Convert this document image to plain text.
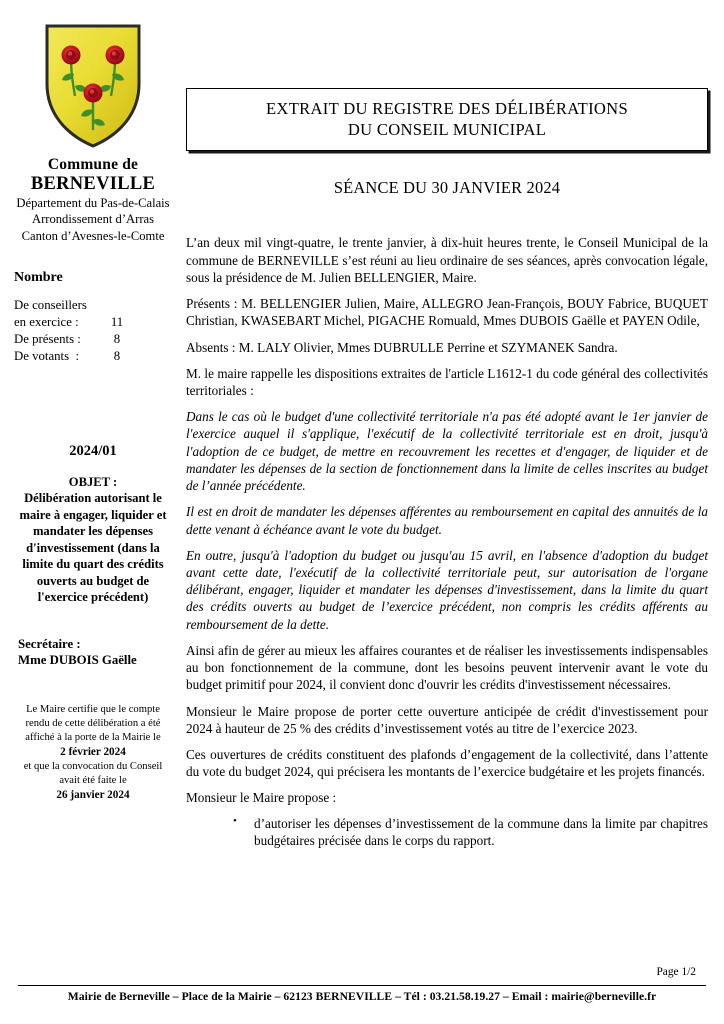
Commune de
BERNEVILLE
Département du Pas-de-Calais
Arrondissement d’Arras
Canton d’Avesnes-le-Comte
Nombre
De conseillers
en exercice :	11
De présents :	8
De votants  :	8
2024/01
OBJET :
Délibération autorisant le maire à engager, liquider et mandater les dépenses d'investissement (dans la limite du quart des crédits ouverts au budget de l'exercice précédent)
Secrétaire :
Mme DUBOIS Gaëlle
Le Maire certifie que le compte rendu de cette délibération a été affiché à la porte de la Mairie le
2 février 2024
et que la convocation du Conseil avait été faite le
26 janvier 2024
EXTRAIT DU REGISTRE DES DÉLIBÉRATIONS
DU CONSEIL MUNICIPAL
SÉANCE DU 30 JANVIER 2024

L’an deux mil vingt-quatre, le trente janvier, à dix-huit heures trente, le Conseil Municipal de la commune de BERNEVILLE s’est réuni au lieu ordinaire de ses séances, après convocation légale, sous la présidence de M. Julien BELLENGIER, Maire.

Présents : M. BELLENGIER Julien, Maire, ALLEGRO Jean-François, BOUY Fabrice, BUQUET Christian, KWASEBART Michel, PIGACHE Romuald, Mmes DUBOIS Gaëlle et PAYEN Odile,

Absents : M. LALY Olivier, Mmes DUBRULLE Perrine et SZYMANEK Sandra.

M. le maire rappelle les dispositions extraites de l'article L1612-1 du code général des collectivités territoriales :

Dans le cas où le budget d'une collectivité territoriale n'a pas été adopté avant le 1er janvier de l'exercice auquel il s'applique, l'exécutif de la collectivité territoriale est en droit, jusqu'à l'adoption de ce budget, de mettre en recouvrement les recettes et d'engager, de liquider et de mandater les dépenses de la section de fonctionnement dans la limite de celles inscrites au budget de l’année précédente.

Il est en droit de mandater les dépenses afférentes au remboursement en capital des annuités de la dette venant à échéance avant le vote du budget.

En outre, jusqu'à l'adoption du budget ou jusqu'au 15 avril, en l'absence d'adoption du budget avant cette date, l'exécutif de la collectivité territoriale peut, sur autorisation de l'organe délibérant, engager, liquider et mandater les dépenses d'investissement, dans la limite du quart des crédits ouverts au budget de l’exercice précédent, non compris les crédits afférents au remboursement de la dette.

Ainsi afin de gérer au mieux les affaires courantes et de réaliser les investissements indispensables au bon fonctionnement de la commune, dont les besoins peuvent intervenir avant le vote du budget primitif pour 2024, il convient donc d'ouvrir les crédits d'investissement nécessaires.

Monsieur le Maire propose de porter cette ouverture anticipée de crédit d'investissement pour 2024 à hauteur de 25 % des crédits d’investissement votés au titre de l’exercice 2023.

Ces ouvertures de crédits constituent des plafonds d’engagement de la collectivité, dans l’attente du vote du budget 2024, qui précisera les montants de l’exercice budgétaire et les projets financés.

Monsieur le Maire propose :

• d’autoriser les dépenses d’investissement de la commune dans la limite par chapitres budgétaires précisée dans le corps du rapport.
Page 1/2
Mairie de Berneville – Place de la Mairie – 62123 BERNEVILLE – Tél : 03.21.58.19.27 – Email : mairie@berneville.fr
